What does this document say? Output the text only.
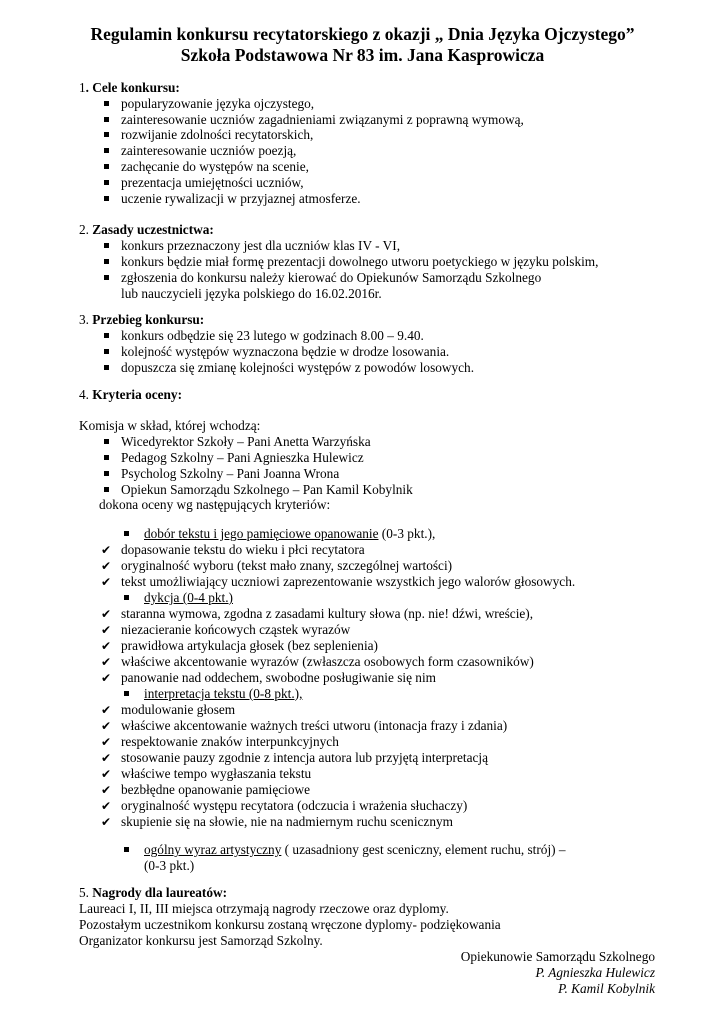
Regulamin konkursu recytatorskiego z okazji „ Dnia Języka Ojczystego”
Szkoła Podstawowa Nr 83 im. Jana Kasprowicza
1. Cele konkursu:
popularyzowanie języka ojczystego,
zainteresowanie uczniów zagadnieniami związanymi z poprawną wymową,
rozwijanie zdolności recytatorskich,
zainteresowanie uczniów poezją,
zachęcanie do występów na scenie,
prezentacja umiejętności uczniów,
uczenie rywalizacji w przyjaznej atmosferze.
2. Zasady uczestnictwa:
konkurs przeznaczony jest dla uczniów klas IV - VI,
konkurs będzie miał formę prezentacji dowolnego utworu poetyckiego w języku polskim,
zgłoszenia do konkursu należy kierować do Opiekunów Samorządu Szkolnego
lub nauczycieli języka polskiego do 16.02.2016r.
3. Przebieg konkursu:
konkurs odbędzie się 23 lutego w godzinach 8.00 – 9.40.
kolejność występów wyznaczona będzie w drodze losowania.
dopuszcza się zmianę kolejności występów z powodów losowych.
4. Kryteria oceny:
Komisja w skład, której wchodzą:
Wicedyrektor Szkoły – Pani Anetta Warzyńska
Pedagog Szkolny – Pani Agnieszka Hulewicz
Psycholog Szkolny – Pani Joanna Wrona
Opiekun Samorządu Szkolnego – Pan Kamil Kobylnik
dokona oceny wg następujących kryteriów:
dobór tekstu i jego pamięciowe opanowanie (0-3 pkt.),
✔ dopasowanie tekstu do wieku i płci recytatora
✔ oryginalność wyboru (tekst mało znany, szczególnej wartości)
✔ tekst umożliwiający uczniowi zaprezentowanie wszystkich jego walorów głosowych.
dykcja (0-4 pkt.)
✔ staranna wymowa, zgodna z zasadami kultury słowa (np. nie! dźwi, wreście),
✔ niezacieranie końcowych cząstek wyrazów
✔ prawidłowa artykulacja głosek (bez seplenienia)
✔ właściwe akcentowanie wyrazów (zwłaszcza osobowych form czasowników)
✔ panowanie nad oddechem, swobodne posługiwanie się nim
interpretacja tekstu (0-8 pkt.),
✔ modulowanie głosem
✔ właściwe akcentowanie ważnych treści utworu (intonacja frazy i zdania)
✔ respektowanie znaków interpunkcyjnych
✔ stosowanie pauzy zgodnie z intencja autora lub przyjętą interpretacją
✔ właściwe tempo wygłaszania tekstu
✔ bezbłędne opanowanie pamięciowe
✔ oryginalność występu recytatora (odczucia i wrażenia słuchaczy)
✔ skupienie się na słowie, nie na nadmiernym ruchu scenicznym
ogólny wyraz artystyczny ( uzasadniony gest sceniczny, element ruchu, strój) –
(0-3 pkt.)
5. Nagrody dla laureatów:
Laureaci I, II, III miejsca otrzymają nagrody rzeczowe oraz dyplomy.
Pozostałym uczestnikom konkursu zostaną wręczone dyplomy- podziękowania
Organizator konkursu jest Samorząd Szkolny.
Opiekunowie Samorządu Szkolnego
P. Agnieszka Hulewicz
P. Kamil Kobylnik
